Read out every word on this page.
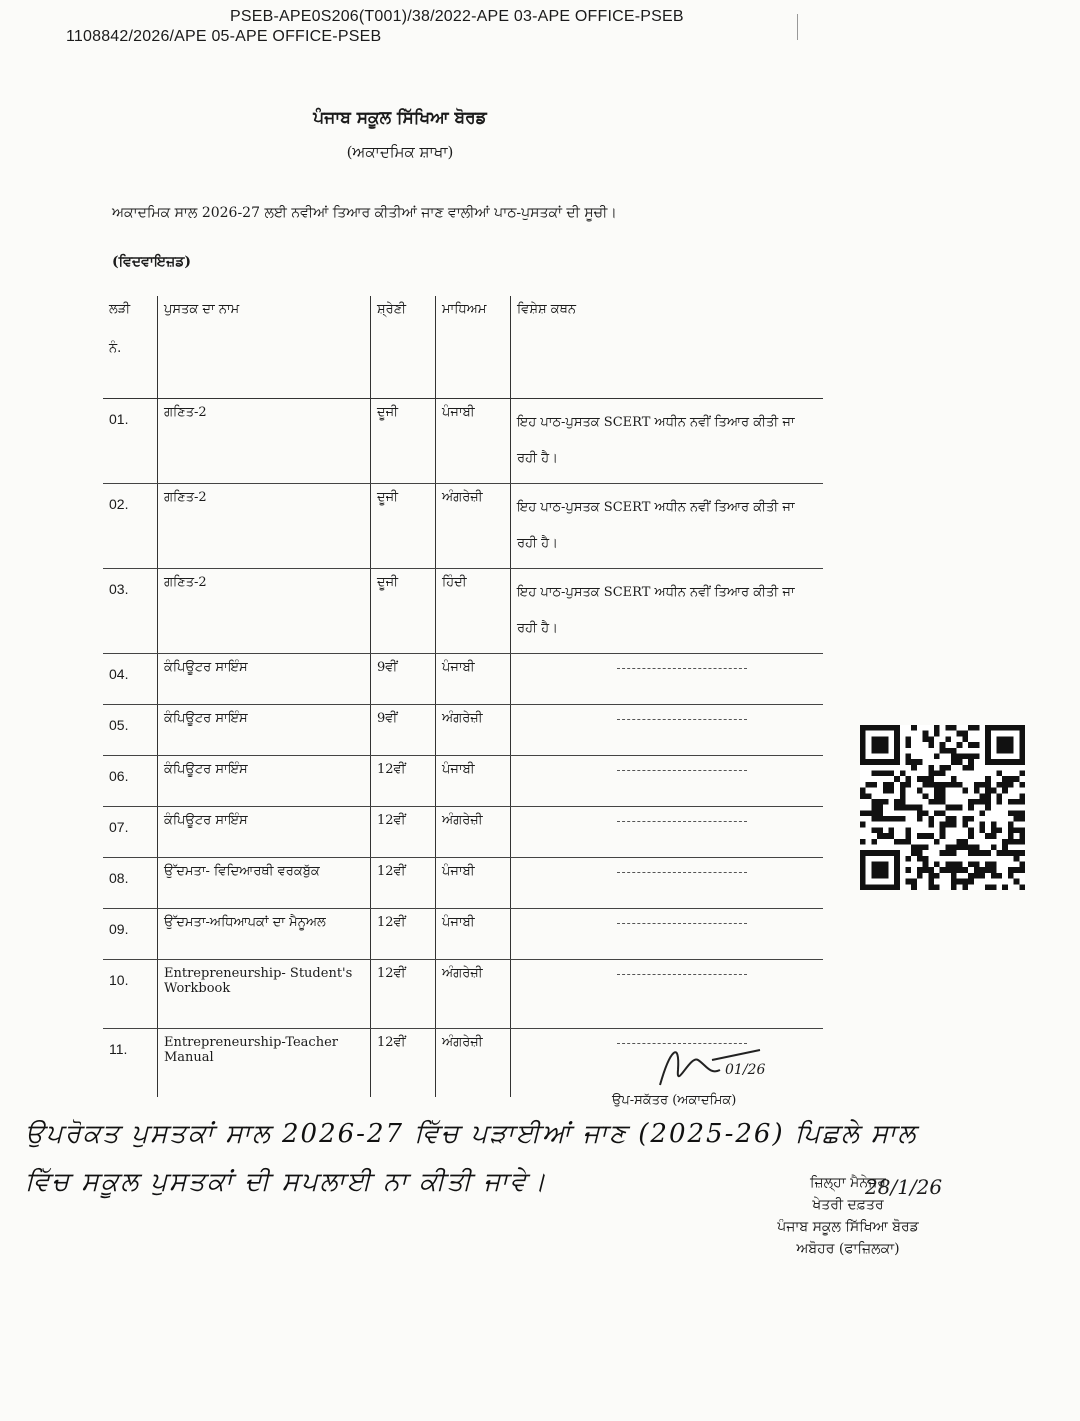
PSEB-APE0S206(T001)/38/2022-APE 03-APE OFFICE-PSEB
1108842/2026/APE 05-APE OFFICE-PSEB
ਪੰਜਾਬ ਸਕੂਲ ਸਿੱਖਿਆ ਬੋਰਡ
(ਅਕਾਦਮਿਕ ਸ਼ਾਖਾ)
ਅਕਾਦਮਿਕ ਸਾਲ 2026-27 ਲਈ ਨਵੀਆਂ ਤਿਆਰ ਕੀਤੀਆਂ ਜਾਣ ਵਾਲੀਆਂ ਪਾਠ-ਪੁਸਤਕਾਂ ਦੀ ਸੂਚੀ।
(ਵਿਦਵਾਇਜ਼ਡ)
ਲੜੀ
ਨੰ.	ਪੁਸਤਕ ਦਾ ਨਾਮ	ਸ਼੍ਰੇਣੀ	ਮਾਧਿਅਮ	ਵਿਸ਼ੇਸ਼ ਕਥਨ
01.	ਗਣਿਤ-2	ਦੂਜੀ	ਪੰਜਾਬੀ	ਇਹ ਪਾਠ-ਪੁਸਤਕ SCERT ਅਧੀਨ ਨਵੀਂ ਤਿਆਰ ਕੀਤੀ ਜਾ ਰਹੀ ਹੈ।
02.	ਗਣਿਤ-2	ਦੂਜੀ	ਅੰਗਰੇਜ਼ੀ	ਇਹ ਪਾਠ-ਪੁਸਤਕ SCERT ਅਧੀਨ ਨਵੀਂ ਤਿਆਰ ਕੀਤੀ ਜਾ ਰਹੀ ਹੈ।
03.	ਗਣਿਤ-2	ਦੂਜੀ	ਹਿੰਦੀ	ਇਹ ਪਾਠ-ਪੁਸਤਕ SCERT ਅਧੀਨ ਨਵੀਂ ਤਿਆਰ ਕੀਤੀ ਜਾ ਰਹੀ ਹੈ।
04.	ਕੰਪਿਊਟਰ ਸਾਇੰਸ	9ਵੀਂ	ਪੰਜਾਬੀ	

05.	ਕੰਪਿਊਟਰ ਸਾਇੰਸ	9ਵੀਂ	ਅੰਗਰੇਜ਼ੀ	

06.	ਕੰਪਿਊਟਰ ਸਾਇੰਸ	12ਵੀਂ	ਪੰਜਾਬੀ	

07.	ਕੰਪਿਊਟਰ ਸਾਇੰਸ	12ਵੀਂ	ਅੰਗਰੇਜ਼ੀ	

08.	ਉੱਦਮਤਾ- ਵਿਦਿਆਰਥੀ ਵਰਕਬੁੱਕ	12ਵੀਂ	ਪੰਜਾਬੀ	

09.	ਉੱਦਮਤਾ-ਅਧਿਆਪਕਾਂ ਦਾ ਮੈਨੂਅਲ	12ਵੀਂ	ਪੰਜਾਬੀ	

10.	Entrepreneurship- Student's Workbook	12ਵੀਂ	ਅੰਗਰੇਜ਼ੀ	

11.	Entrepreneurship-Teacher Manual	12ਵੀਂ	ਅੰਗਰੇਜ਼ੀ	
01/26
ਉਪ-ਸਕੱਤਰ (ਅਕਾਦਮਿਕ)
ਉਪਰੋਕਤ ਪੁਸਤਕਾਂ ਸਾਲ 2026-27 ਵਿੱਚ ਪੜਾਈਆਂ ਜਾਣ (2025-26) ਪਿਛਲੇ ਸਾਲ ਵਿੱਚ ਸਕੂਲ ਪੁਸਤਕਾਂ ਦੀ ਸਪਲਾਈ ਨਾ ਕੀਤੀ ਜਾਵੇ।	ਜ਼ਿਲ੍ਹਾ ਮੈਨੇਜਰ
ਖੇਤਰੀ ਦਫ਼ਤਰ
ਪੰਜਾਬ ਸਕੂਲ ਸਿੱਖਿਆ ਬੋਰਡ
ਅਬੋਹਰ (ਫਾਜ਼ਿਲਕਾ)
28/1/26
